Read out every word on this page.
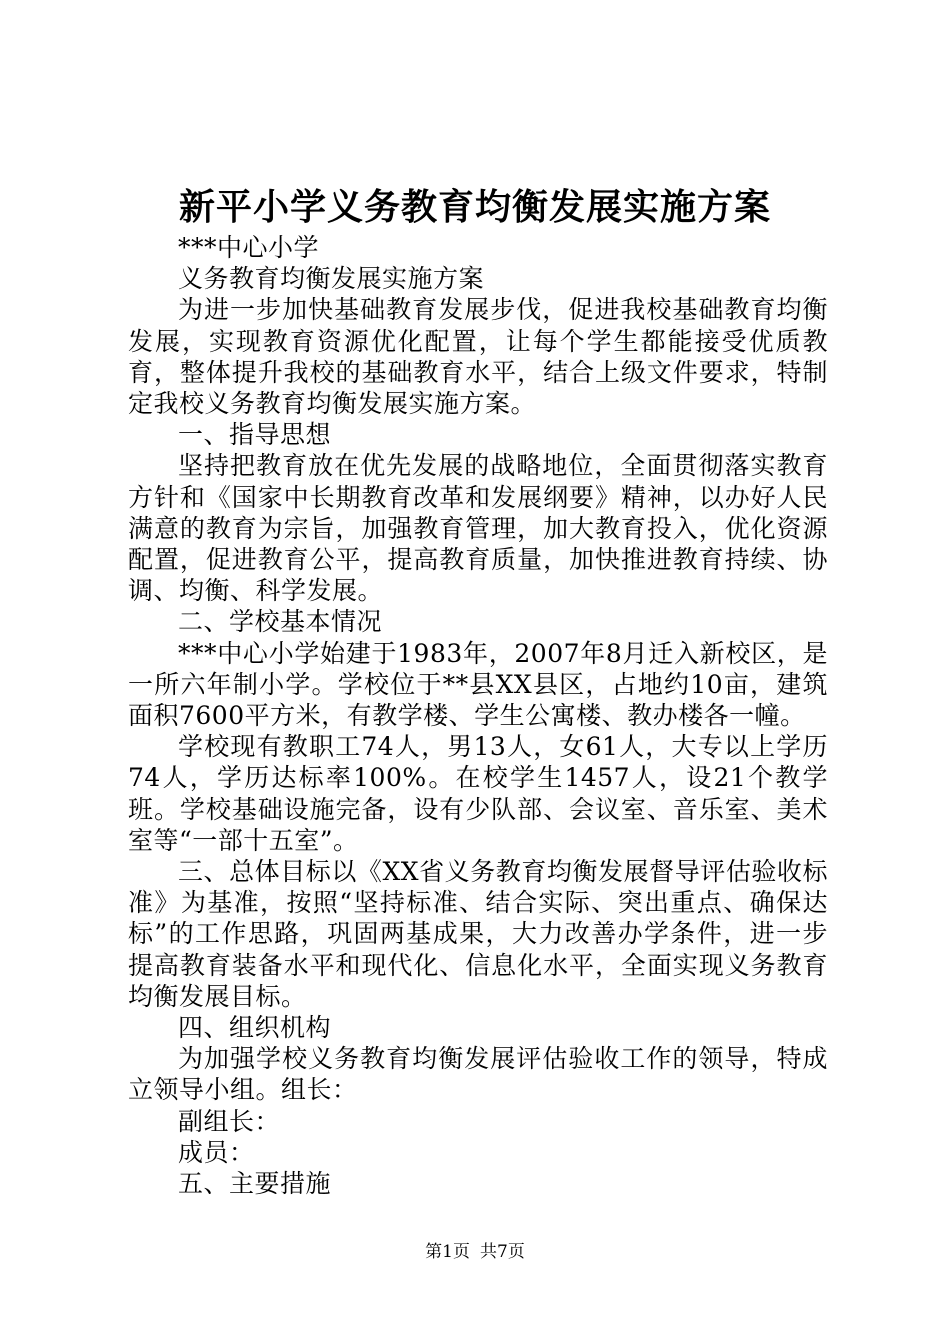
新平小学义务教育均衡发展实施方案

***中心小学

义务教育均衡发展实施方案

为进一步加快基础教育发展步伐，促进我校基础教育均衡发展，实现教育资源优化配置，让每个学生都能接受优质教育，整体提升我校的基础教育水平，结合上级文件要求，特制定我校义务教育均衡发展实施方案。

一、指导思想

坚持把教育放在优先发展的战略地位，全面贯彻落实教育方针和《国家中长期教育改革和发展纲要》精神，以办好人民满意的教育为宗旨，加强教育管理，加大教育投入，优化资源配置，促进教育公平，提高教育质量，加快推进教育持续、协调、均衡、科学发展。

二、学校基本情况

***中心小学始建于1983年，2007年8月迁入新校区，是一所六年制小学。学校位于**县XX县区，占地约10亩，建筑面积7600平方米，有教学楼、学生公寓楼、教办楼各一幢。

学校现有教职工74人，男13人，女61人，大专以上学历74人，学历达标率100%。在校学生1457人，设21个教学班。学校基础设施完备，设有少队部、会议室、音乐室、美术室等“一部十五室”。

三、总体目标以《XX省义务教育均衡发展督导评估验收标准》为基准，按照“坚持标准、结合实际、突出重点、确保达标”的工作思路，巩固两基成果，大力改善办学条件，进一步提高教育装备水平和现代化、信息化水平，全面实现义务教育均衡发展目标。

四、组织机构

为加强学校义务教育均衡发展评估验收工作的领导，特成立领导小组。组长：

副组长：

成员：

五、主要措施

第1页 共7页
